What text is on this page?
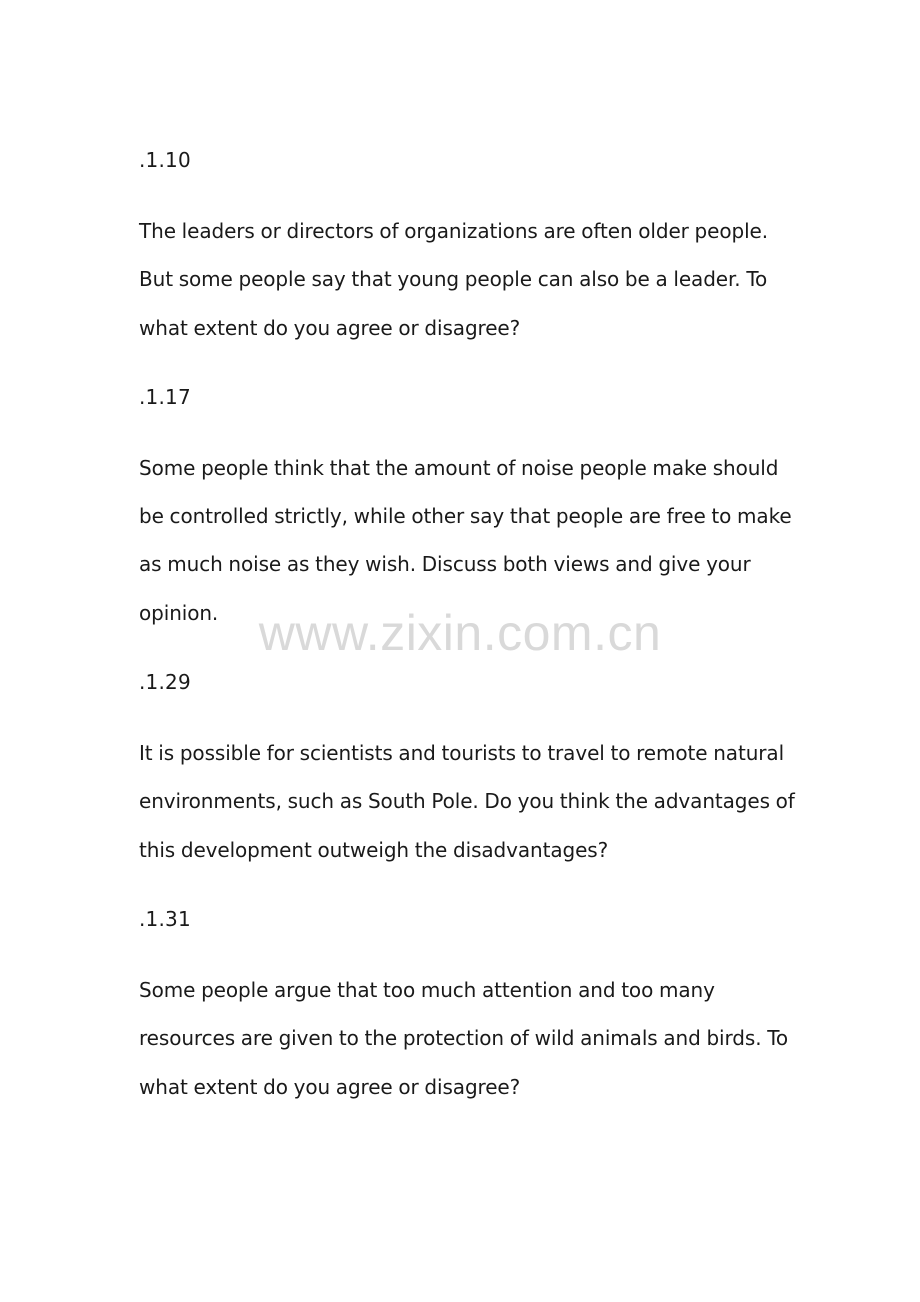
.1.10

The leaders or directors of organizations are often older people. But some people say that young people can also be a leader. To what extent do you agree or disagree?

.1.17

Some people think that the amount of noise people make should be controlled strictly, while other say that people are free to make as much noise as they wish. Discuss both views and give your opinion.

.1.29

It is possible for scientists and tourists to travel to remote natural environments, such as South Pole. Do you think the advantages of this development outweigh the disadvantages?

.1.31

Some people argue that too much attention and too many resources are given to the protection of wild animals and birds. To what extent do you agree or disagree?

www.zixin.com.cn
